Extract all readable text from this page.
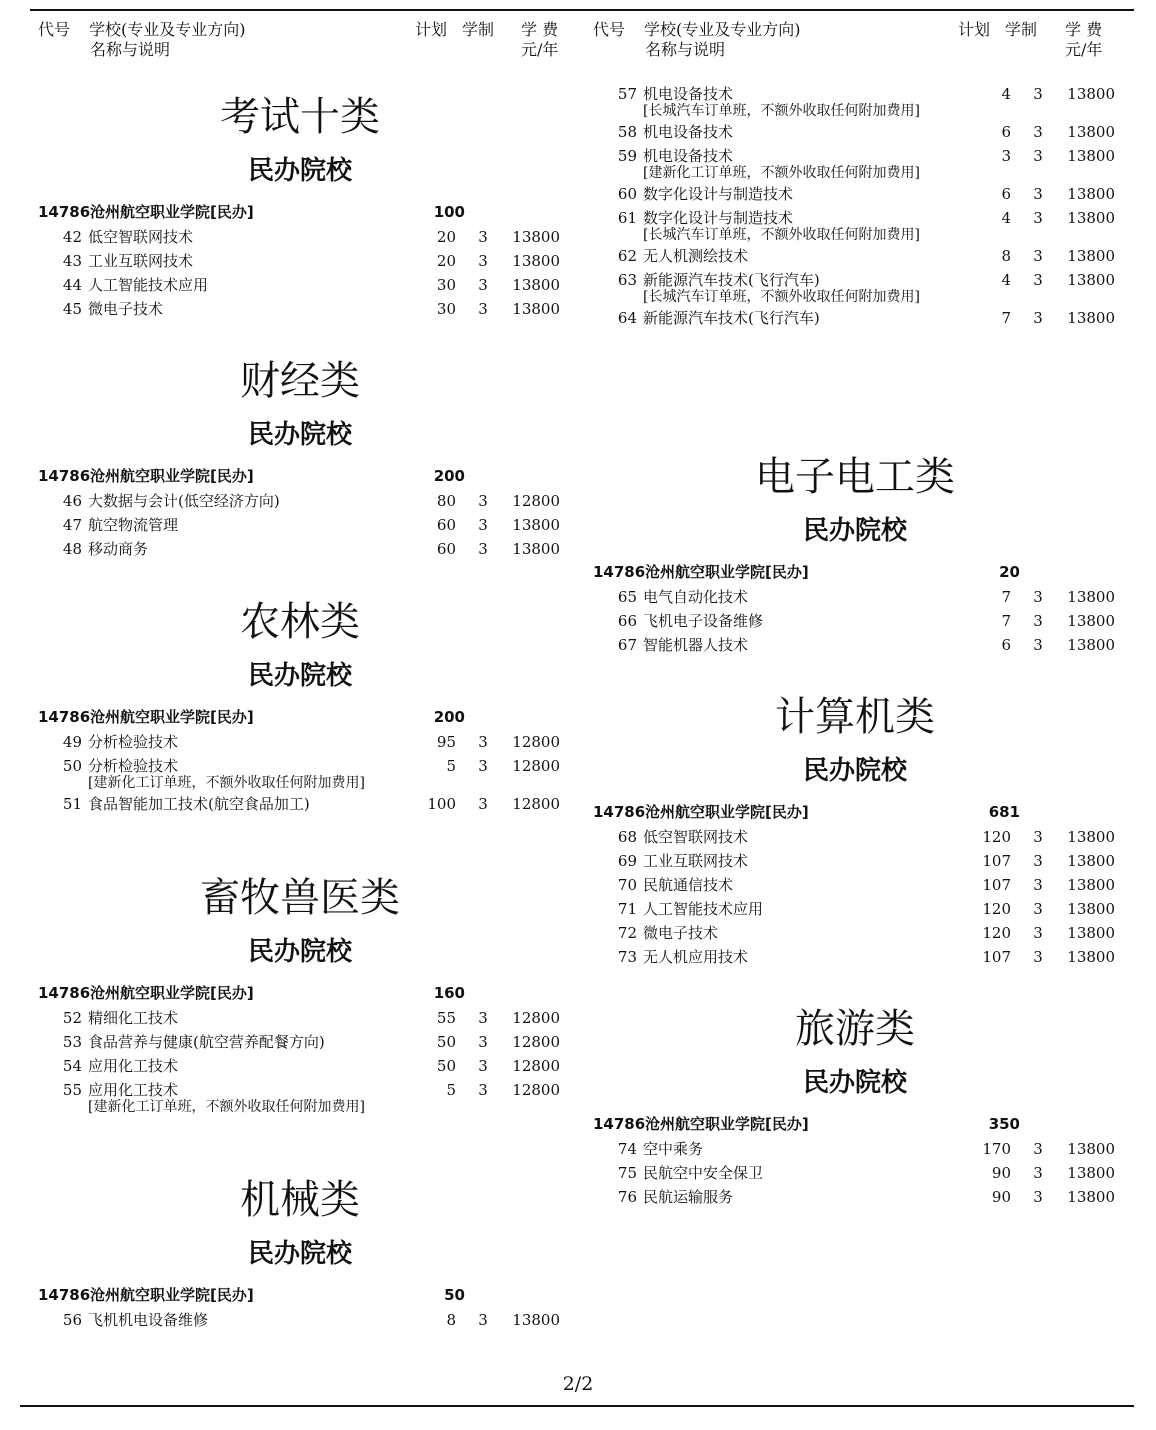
代号 学校(专业及专业方向)
名称与说明
计划 学制 学 费
元/年
考试十类
民办院校
14786 沧州航空职业学院[民办]	100
42 低空智联网技术	20 3 13800
43 工业互联网技术	20 3 13800
44 人工智能技术应用	30 3 13800
45 微电子技术	30 3 13800
财经类
民办院校
14786 沧州航空职业学院[民办]	200
46 大数据与会计(低空经济方向)	80 3 12800
47 航空物流管理	60 3 13800
48 移动商务	60 3 13800
农林类
民办院校
14786 沧州航空职业学院[民办]	200
49 分析检验技术	95 3 12800
50 分析检验技术	5 3 12800
[建新化工订单班，不额外收取任何附加费用]
51 食品智能加工技术(航空食品加工)	100 3 12800
畜牧兽医类
民办院校
14786 沧州航空职业学院[民办]	160
52 精细化工技术	55 3 12800
53 食品营养与健康(航空营养配餐方向)	50 3 12800
54 应用化工技术	50 3 12800
55 应用化工技术	5 3 12800
[建新化工订单班，不额外收取任何附加费用]
机械类
民办院校
14786 沧州航空职业学院[民办]	50
56 飞机机电设备维修	8 3 13800
代号 学校(专业及专业方向)
名称与说明
计划 学制 学 费
元/年
57 机电设备技术	4 3 13800
[长城汽车订单班，不额外收取任何附加费用]
58 机电设备技术	6 3 13800
59 机电设备技术	3 3 13800
[建新化工订单班，不额外收取任何附加费用]
60 数字化设计与制造技术	6 3 13800
61 数字化设计与制造技术	4 3 13800
[长城汽车订单班，不额外收取任何附加费用]
62 无人机测绘技术	8 3 13800
63 新能源汽车技术(飞行汽车)	4 3 13800
[长城汽车订单班，不额外收取任何附加费用]
64 新能源汽车技术(飞行汽车)	7 3 13800
电子电工类
民办院校
14786 沧州航空职业学院[民办]	20
65 电气自动化技术	7 3 13800
66 飞机电子设备维修	7 3 13800
67 智能机器人技术	6 3 13800
计算机类
民办院校
14786 沧州航空职业学院[民办]	681
68 低空智联网技术	120 3 13800
69 工业互联网技术	107 3 13800
70 民航通信技术	107 3 13800
71 人工智能技术应用	120 3 13800
72 微电子技术	120 3 13800
73 无人机应用技术	107 3 13800
旅游类
民办院校
14786 沧州航空职业学院[民办]	350
74 空中乘务	170 3 13800
75 民航空中安全保卫	90 3 13800
76 民航运输服务	90 3 13800
2/2
